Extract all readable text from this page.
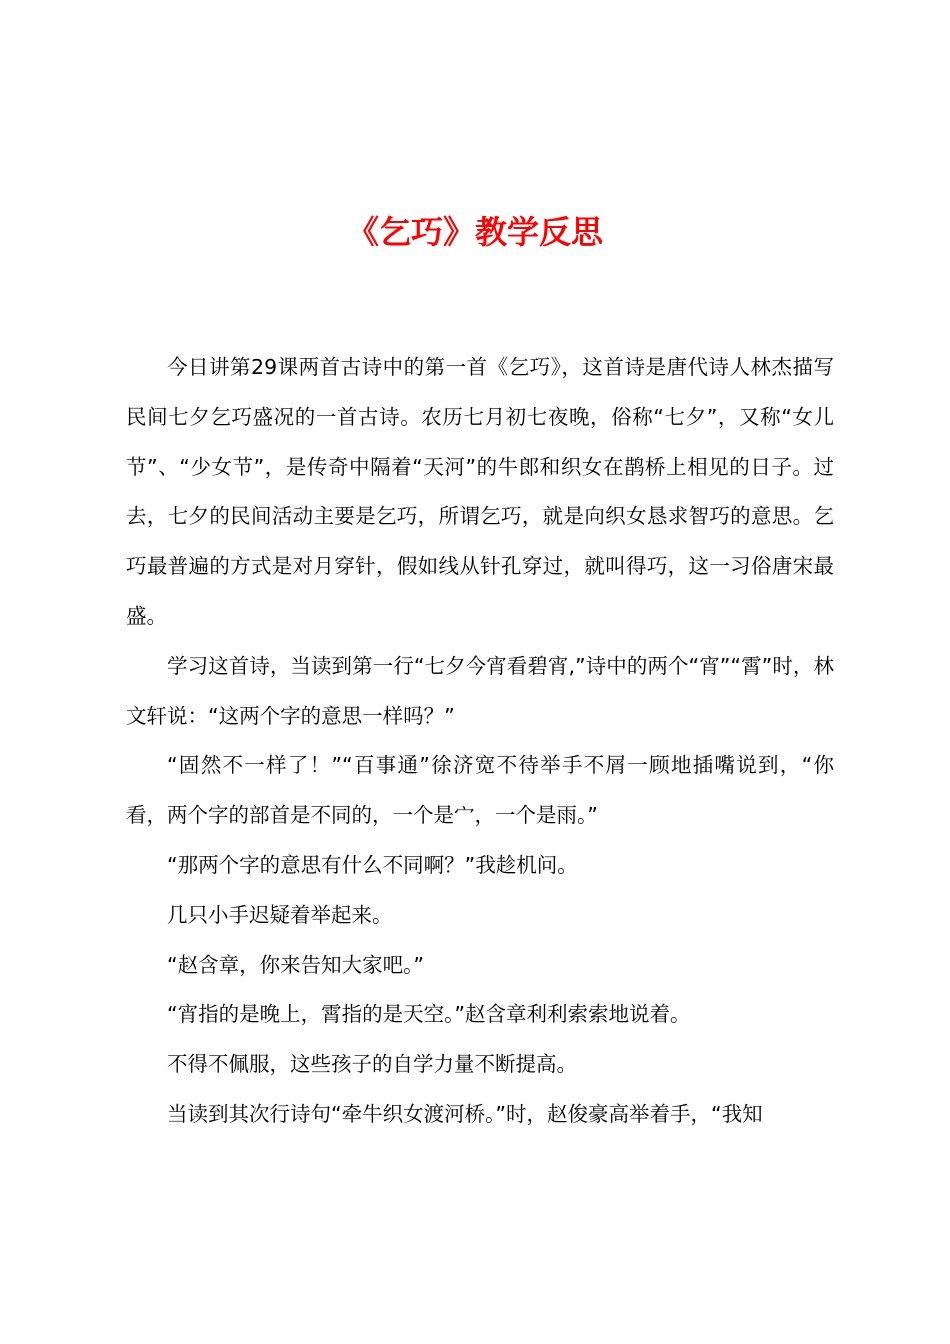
《乞巧》教学反思

今日讲第29课两首古诗中的第一首《乞巧》，这首诗是唐代诗人林杰描写民间七夕乞巧盛况的一首古诗。农历七月初七夜晚，俗称“七夕”，又称“女儿节”、“少女节”，是传奇中隔着“天河”的牛郎和织女在鹊桥上相见的日子。过去，七夕的民间活动主要是乞巧，所谓乞巧，就是向织女恳求智巧的意思。乞巧最普遍的方式是对月穿针，假如线从针孔穿过，就叫得巧，这一习俗唐宋最盛。

学习这首诗，当读到第一行“七夕今宵看碧宵,”诗中的两个“宵”“霄”时，林文轩说：“这两个字的意思一样吗？”

“固然不一样了！”“百事通”徐济宽不待举手不屑一顾地插嘴说到，“你看，两个字的部首是不同的，一个是宀，一个是雨。”

“那两个字的意思有什么不同啊？”我趁机问。

几只小手迟疑着举起来。

“赵含章，你来告知大家吧。”

“宵指的是晚上，霄指的是天空。”赵含章利利索索地说着。

不得不佩服，这些孩子的自学力量不断提高。

当读到其次行诗句“牵牛织女渡河桥。”时，赵俊豪高举着手，“我知
